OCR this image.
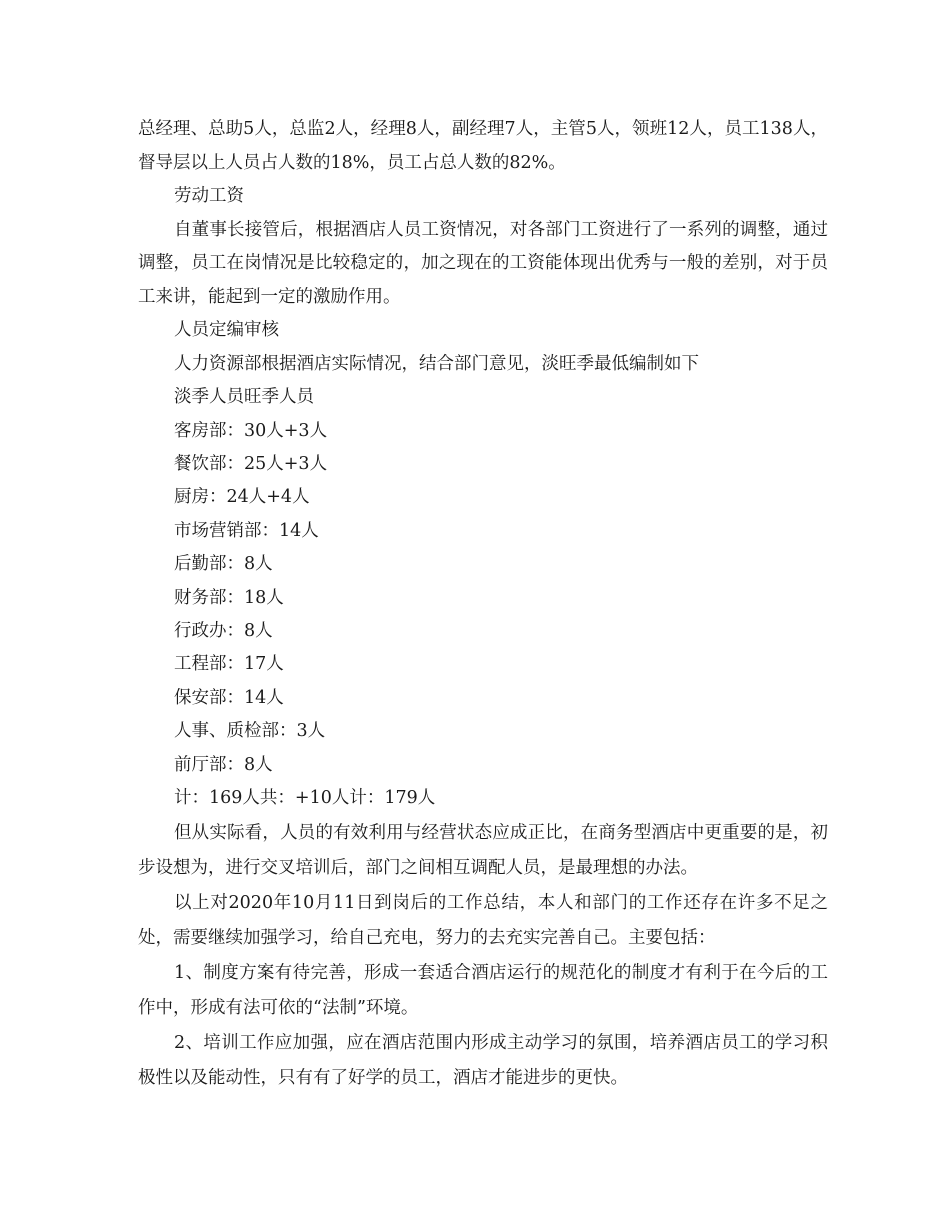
总经理、总助5人，总监2人，经理8人，副经理7人，主管5人，领班12人，员工138人，督导层以上人员占人数的18%，员工占总人数的82%。

劳动工资

自董事长接管后，根据酒店人员工资情况，对各部门工资进行了一系列的调整，通过调整，员工在岗情况是比较稳定的，加之现在的工资能体现出优秀与一般的差别，对于员工来讲，能起到一定的激励作用。

人员定编审核

人力资源部根据酒店实际情况，结合部门意见，淡旺季最低编制如下

淡季人员旺季人员

客房部：30人+3人

餐饮部：25人+3人

厨房：24人+4人

市场营销部：14人

后勤部：8人

财务部：18人

行政办：8人

工程部：17人

保安部：14人

人事、质检部：3人

前厅部：8人

计：169人共：+10人计：179人

但从实际看，人员的有效利用与经营状态应成正比，在商务型酒店中更重要的是，初步设想为，进行交叉培训后，部门之间相互调配人员，是最理想的办法。

以上对2020年10月11日到岗后的工作总结，本人和部门的工作还存在许多不足之处，需要继续加强学习，给自己充电，努力的去充实完善自己。主要包括：

1、制度方案有待完善，形成一套适合酒店运行的规范化的制度才有利于在今后的工作中，形成有法可依的“法制”环境。

2、培训工作应加强，应在酒店范围内形成主动学习的氛围，培养酒店员工的学习积极性以及能动性，只有有了好学的员工，酒店才能进步的更快。
